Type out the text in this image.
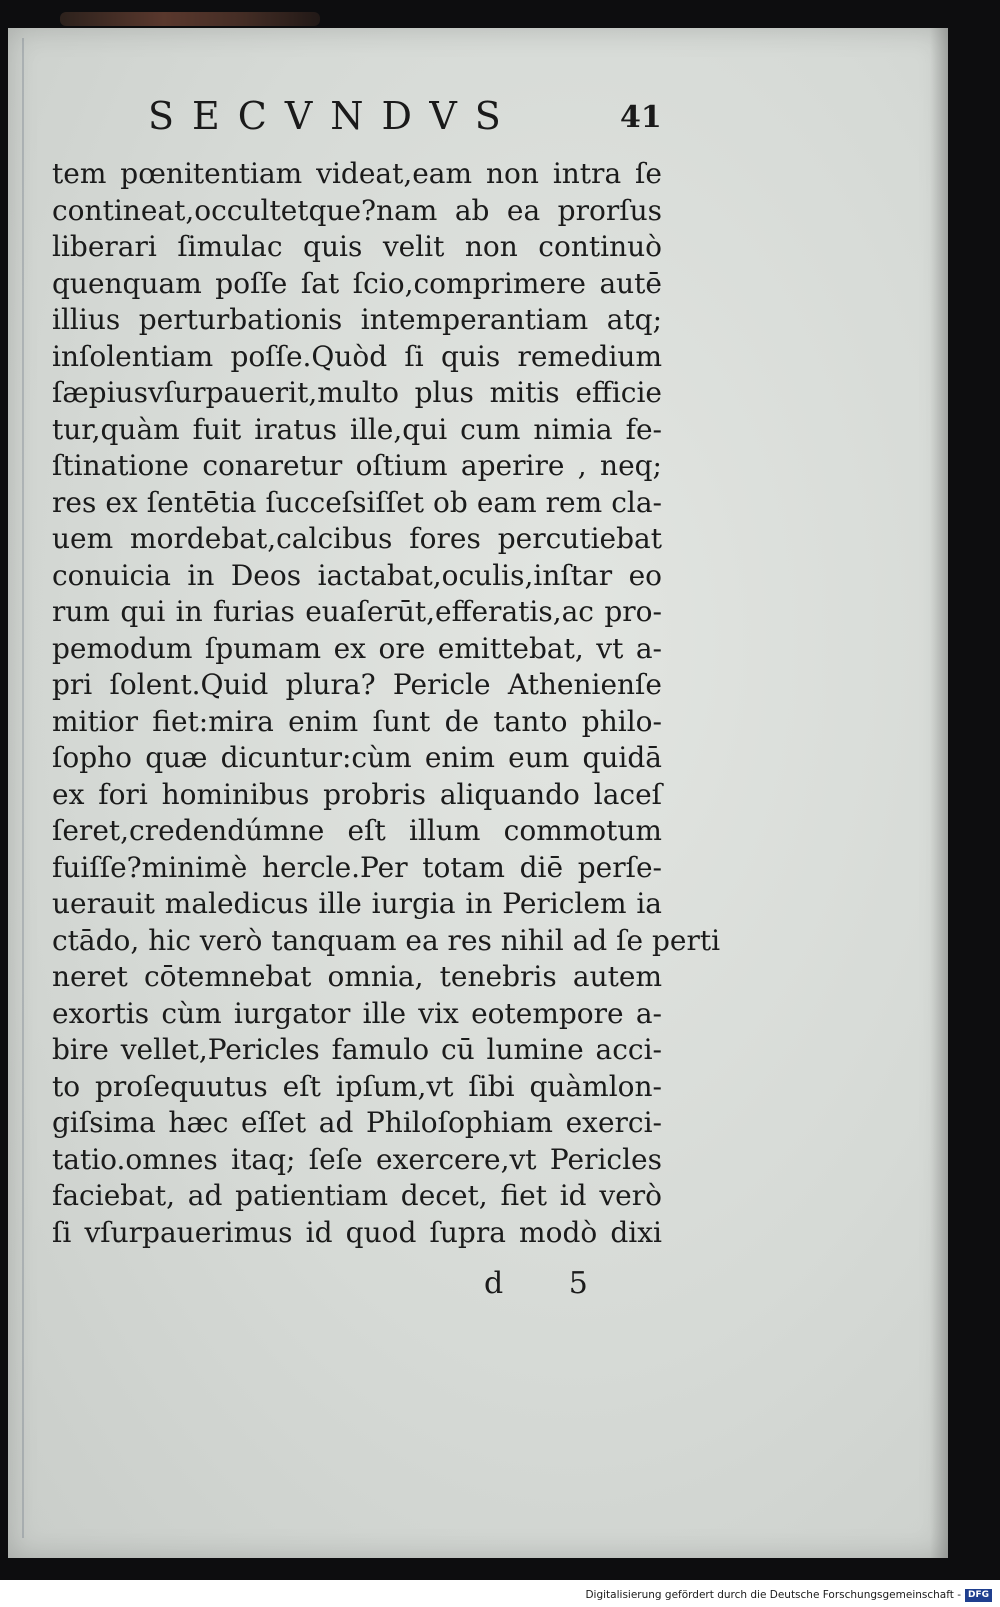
SECVNDVS	41
tem pœnitentiam videat,eam non intra ſe
contineat,occultetque?nam ab ea prorſus
liberari ſimulac quis velit non continuò
quenquam poſſe ſat ſcio,comprimere autē
illius perturbationis intemperantiam atq;
inſolentiam poſſe.Quòd ſi quis remedium
ſæpiusvſurpauerit,multo plus mitis efficie
tur,quàm fuit iratus ille,qui cum nimia fe-
ſtinatione conaretur oſtium aperire , neq;
res ex ſentētia ſucceſsiſſet ob eam rem cla-
uem mordebat,calcibus fores percutiebat
conuicia in Deos iactabat,oculis,inſtar eo
rum qui in furias euaſerūt,efferatis,ac pro-
pemodum ſpumam ex ore emittebat, vt a-
pri ſolent.Quid plura? Pericle Athenienſe
mitior fiet:mira enim ſunt de tanto philo-
ſopho quæ dicuntur:cùm enim eum quidā
ex fori hominibus probris aliquando laceſ
ſeret,credendúmne eſt illum commotum
fuiſſe?minimè hercle.Per totam diē perſe-
uerauit maledicus ille iurgia in Periclem ia
ctādo, hic verò tanquam ea res nihil ad ſe perti
neret cōtemnebat omnia, tenebris autem
exortis cùm iurgator ille vix eotempore a-
bire vellet,Pericles famulo cū lumine acci-
to proſequutus eſt ipſum,vt ſibi quàmlon-
giſsima hæc eſſet ad Philoſophiam exerci-
tatio.omnes itaq; ſeſe exercere,vt Pericles
faciebat, ad patientiam decet, fiet id verò
ſi vſurpauerimus id quod ſupra modò dixi
d 5
Digitalisierung gefördert durch die Deutsche Forschungsgemeinschaft - DFG
